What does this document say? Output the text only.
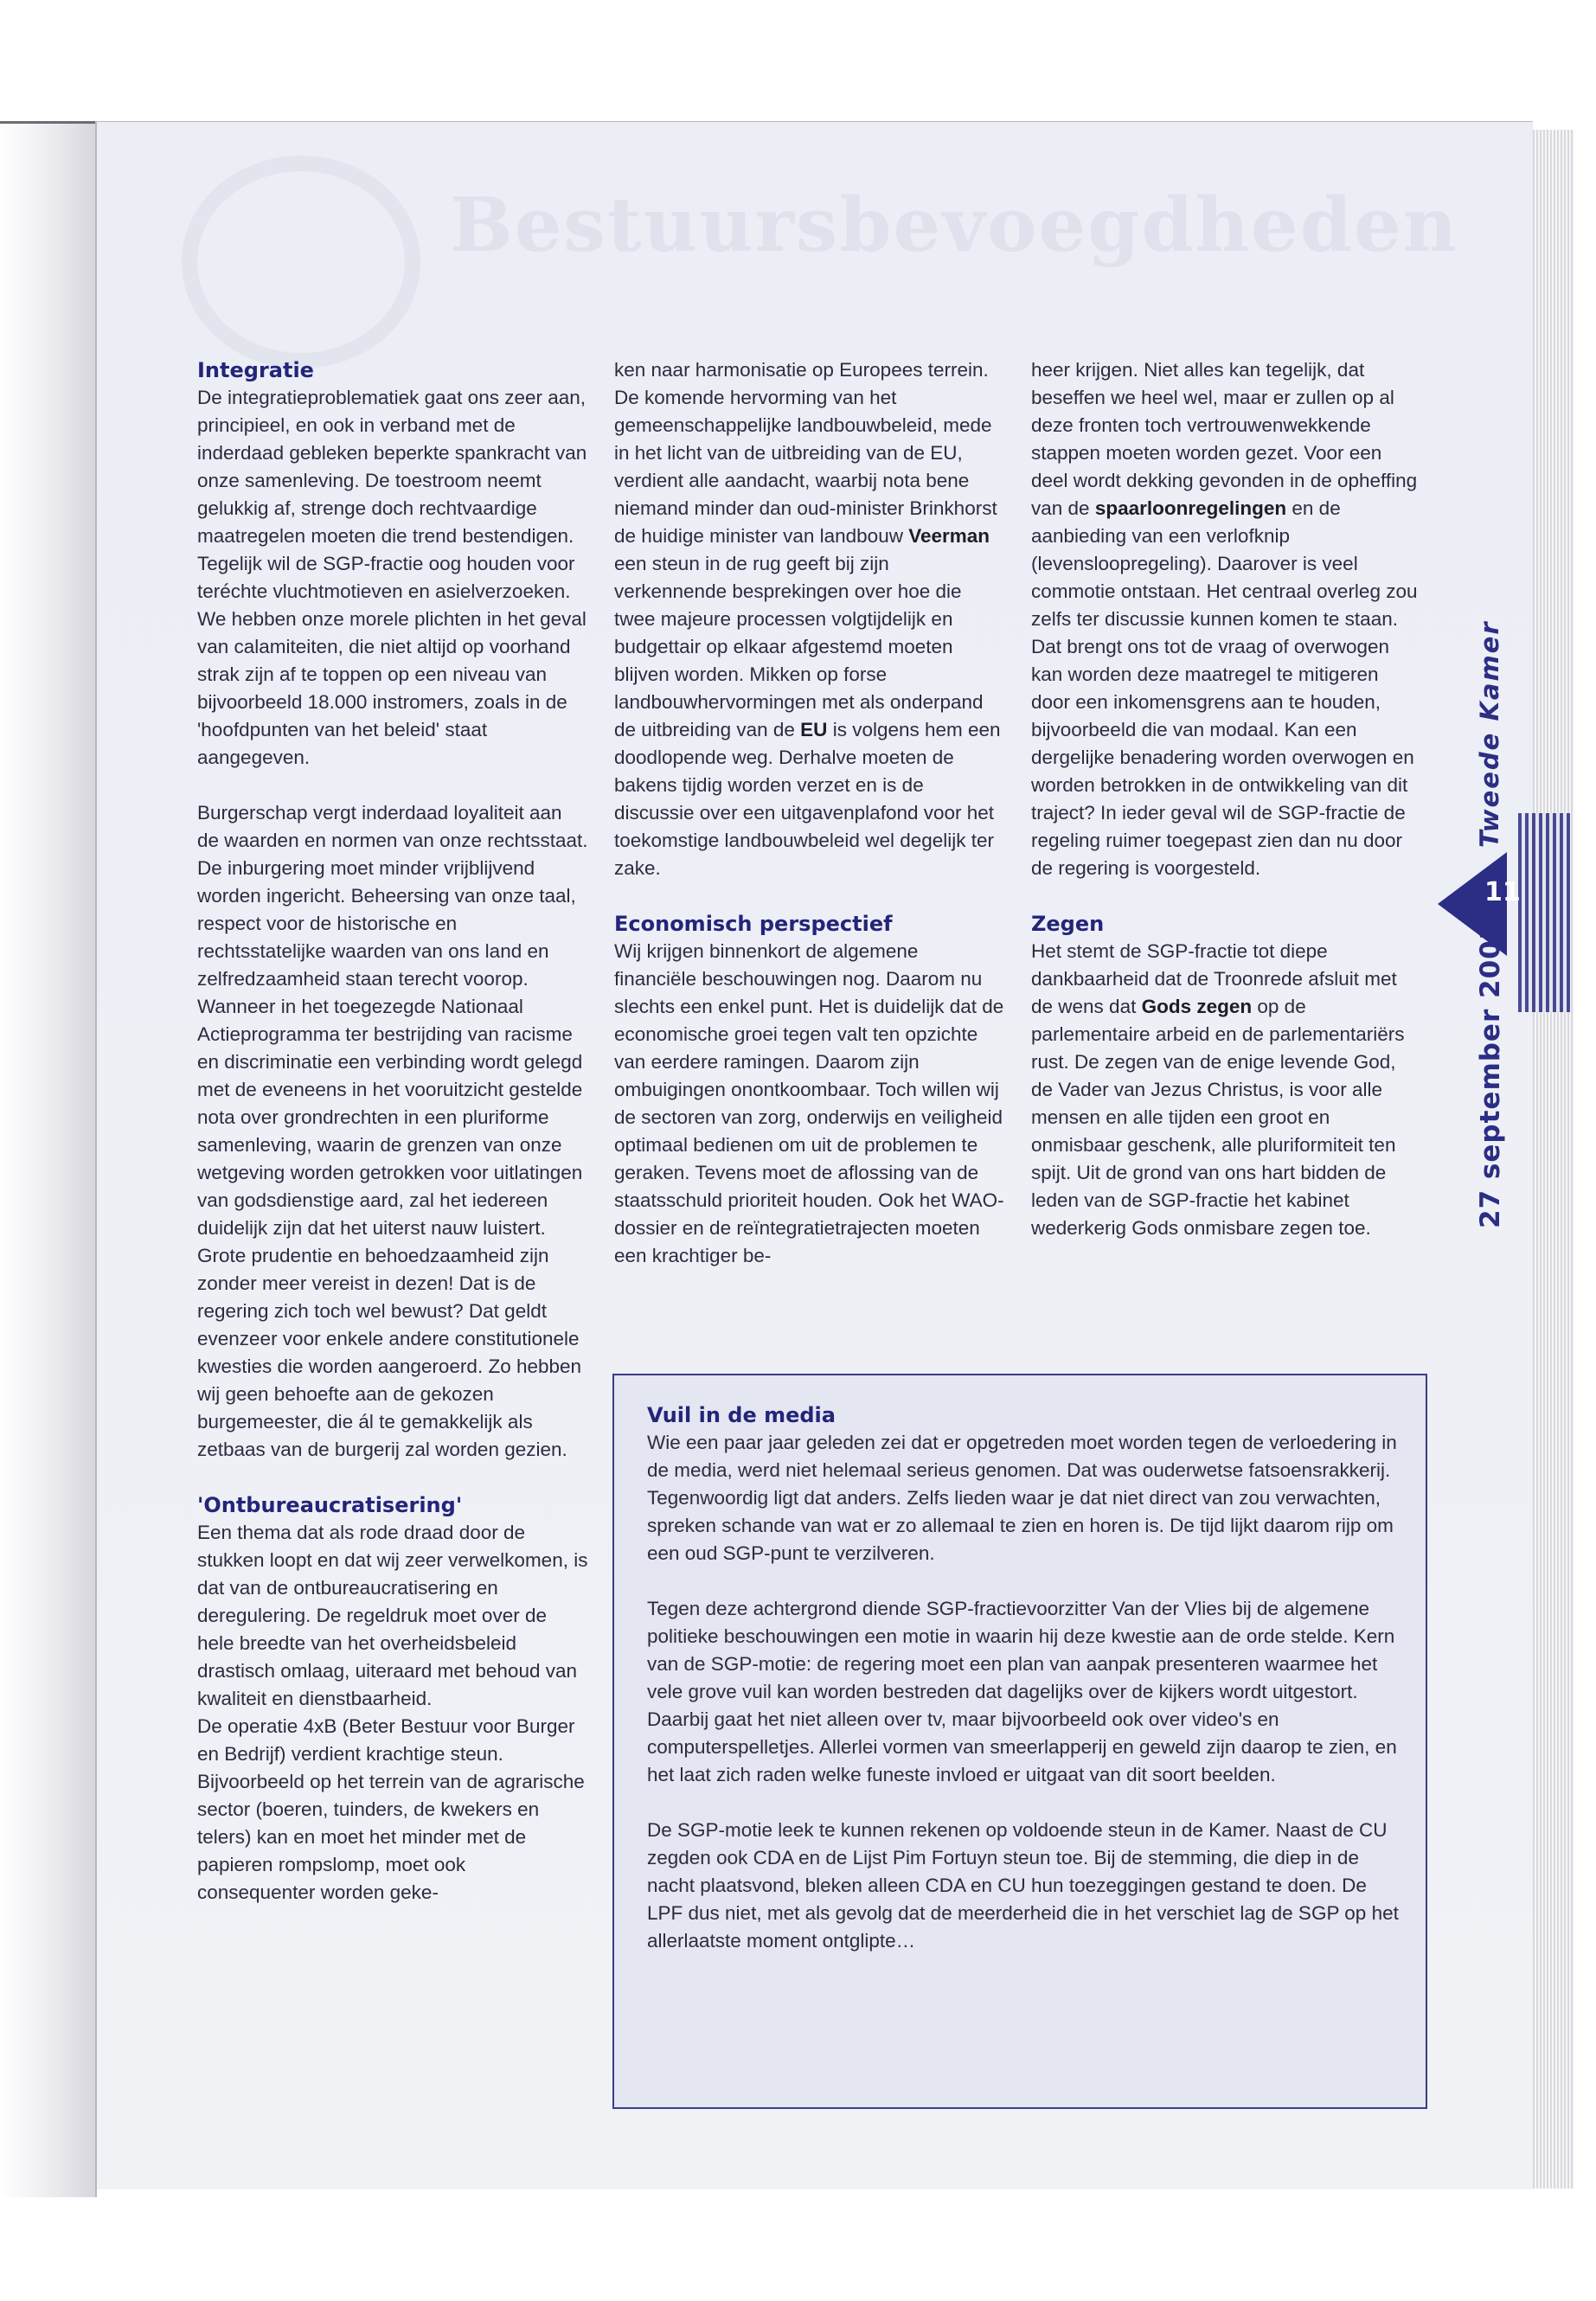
Bestuursbevoegdheden
Integratie

De integratieproblematiek gaat ons zeer aan, principieel, en ook in verband met de inderdaad gebleken beperkte spankracht van onze samenleving. De toestroom neemt gelukkig af, strenge doch rechtvaardige maatregelen moeten die trend bestendigen. Tegelijk wil de SGP-fractie oog houden voor teréchte vluchtmotieven en asielverzoeken. We hebben onze morele plichten in het geval van calamiteiten, die niet altijd op voorhand strak zijn af te toppen op een niveau van bijvoorbeeld 18.000 instromers, zoals in de 'hoofdpunten van het beleid' staat aangegeven.

Burgerschap vergt inderdaad loyaliteit aan de waarden en normen van onze rechtsstaat. De inburgering moet minder vrijblijvend worden ingericht. Beheersing van onze taal, respect voor de historische en rechtsstatelijke waarden van ons land en zelfredzaamheid staan terecht voorop. Wanneer in het toegezegde Nationaal Actieprogramma ter bestrijding van racisme en discriminatie een verbinding wordt gelegd met de eveneens in het vooruitzicht gestelde nota over grondrechten in een pluriforme samenleving, waarin de grenzen van onze wetgeving worden getrokken voor uitlatingen van godsdienstige aard, zal het iedereen duidelijk zijn dat het uiterst nauw luistert. Grote prudentie en behoedzaamheid zijn zonder meer vereist in dezen! Dat is de regering zich toch wel bewust? Dat geldt evenzeer voor enkele andere constitutionele kwesties die worden aangeroerd. Zo hebben wij geen behoefte aan de gekozen burgemeester, die ál te gemakkelijk als zetbaas van de burgerij zal worden gezien.

'Ontbureaucratisering'

Een thema dat als rode draad door de stukken loopt en dat wij zeer verwelkomen, is dat van de ontbureaucratisering en deregulering. De regeldruk moet over de hele breedte van het overheidsbeleid drastisch omlaag, uiteraard met behoud van kwaliteit en dienstbaarheid.

De operatie 4xB (Beter Bestuur voor Burger en Bedrijf) verdient krachtige steun. Bijvoorbeeld op het terrein van de agrarische sector (boeren, tuinders, de kwekers en telers) kan en moet het minder met de papieren rompslomp, moet ook consequenter worden geke-

ken naar harmonisatie op Europees terrein. De komende hervorming van het gemeenschappelijke landbouwbeleid, mede in het licht van de uitbreiding van de EU, verdient alle aandacht, waarbij nota bene niemand minder dan oud-minister Brinkhorst de huidige minister van landbouw Veerman een steun in de rug geeft bij zijn verkennende besprekingen over hoe die twee majeure processen volgtijdelijk en budgettair op elkaar afgestemd moeten blijven worden. Mikken op forse landbouwhervormingen met als onderpand de uitbreiding van de EU is volgens hem een doodlopende weg. Derhalve moeten de bakens tijdig worden verzet en is de discussie over een uitgavenplafond voor het toekomstige landbouwbeleid wel degelijk ter zake.

Economisch perspectief

Wij krijgen binnenkort de algemene financiële beschouwingen nog. Daarom nu slechts een enkel punt. Het is duidelijk dat de economische groei tegen valt ten opzichte van eerdere ramingen. Daarom zijn ombuigingen onontkoombaar. Toch willen wij de sectoren van zorg, onderwijs en veiligheid optimaal bedienen om uit de problemen te geraken. Tevens moet de aflossing van de staatsschuld prioriteit houden. Ook het WAO-dossier en de reïntegratietrajecten moeten een krachtiger be-

heer krijgen. Niet alles kan tegelijk, dat beseffen we heel wel, maar er zullen op al deze fronten toch vertrouwenwekkende stappen moeten worden gezet. Voor een deel wordt dekking gevonden in de opheffing van de spaarloonregelingen en de aanbieding van een verlofknip (levensloopregeling). Daarover is veel commotie ontstaan. Het centraal overleg zou zelfs ter discussie kunnen komen te staan. Dat brengt ons tot de vraag of overwogen kan worden deze maatregel te mitigeren door een inkomensgrens aan te houden, bijvoorbeeld die van modaal. Kan een dergelijke benadering worden overwogen en worden betrokken in de ontwikkeling van dit traject? In ieder geval wil de SGP-fractie de regeling ruimer toegepast zien dan nu door de regering is voorgesteld.

Zegen

Het stemt de SGP-fractie tot diepe dankbaarheid dat de Troonrede afsluit met de wens dat Gods zegen op de parlementaire arbeid en de parlementariërs rust. De zegen van de enige levende God, de Vader van Jezus Christus, is voor alle mensen en alle tijden een groot en onmisbaar geschenk, alle pluriformiteit ten spijt. Uit de grond van ons hart bidden de leden van de SGP-fractie het kabinet wederkerig Gods onmisbare zegen toe.

Vuil in de media

Wie een paar jaar geleden zei dat er opgetreden moet worden tegen de verloedering in de media, werd niet helemaal serieus genomen. Dat was ouderwetse fatsoensrakkerij. Tegenwoordig ligt dat anders. Zelfs lieden waar je dat niet direct van zou verwachten, spreken schande van wat er zo allemaal te zien en horen is. De tijd lijkt daarom rijp om een oud SGP-punt te verzilveren.

Tegen deze achtergrond diende SGP-fractievoorzitter Van der Vlies bij de algemene politieke beschouwingen een motie in waarin hij deze kwestie aan de orde stelde. Kern van de SGP-motie: de regering moet een plan van aanpak presenteren waarmee het vele grove vuil kan worden bestreden dat dagelijks over de kijkers wordt uitgestort. Daarbij gaat het niet alleen over tv, maar bijvoorbeeld ook over video's en computerspelletjes. Allerlei vormen van smeerlapperij en geweld zijn daarop te zien, en het laat zich raden welke funeste invloed er uitgaat van dit soort beelden.

De SGP-motie leek te kunnen rekenen op voldoende steun in de Kamer. Naast de CU zegden ook CDA en de Lijst Pim Fortuyn steun toe. Bij de stemming, die diep in de nacht plaatsvond, bleken alleen CDA en CU hun toezeggingen gestand te doen. De LPF dus niet, met als gevolg dat de meerderheid die in het verschiet lag de SGP op het allerlaatste moment ontglipte…

11
Tweede Kamer
27 september 2002
